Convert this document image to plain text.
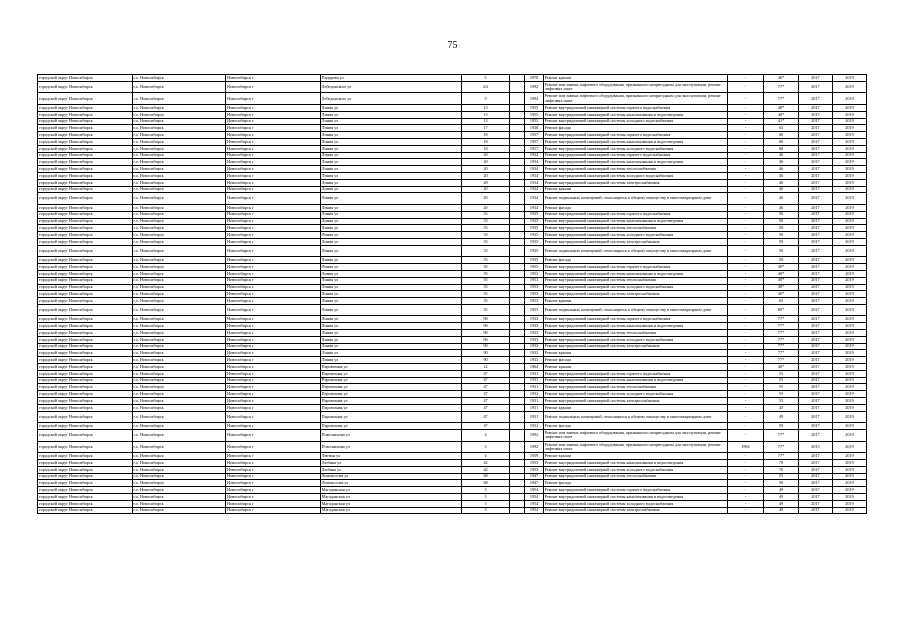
75
городской округ Новосибирск	г.о. Новосибирск	Новосибирск г	Пядарова ул	5		1970	Ремонт крыши	-	46*	2017	2019
городской округ Новосибирск	г.о. Новосибирск	Новосибирск г	Лебединского ул	2/2		1992	Ремонт или замена лифтового оборудования, признанного непригодным для эксплуатации, ремонт лифтовых шахт	-	77*	2017	2019
городской округ Новосибирск	г.о. Новосибирск	Новосибирск г	Лебединского ул	5		1994	Ремонт или замена лифтового оборудования, признанного непригодным для эксплуатации, ремонт лифтовых шахт	-	77*	2017	2019
городской округ Новосибирск	г.о. Новосибирск	Новосибирск г	Линия ул	13		1955	Ремонт внутридомовой инженерной системы горячего водоснабжения	-	48*	2017	2019
городской округ Новосибирск	г.о. Новосибирск	Новосибирск г	Линия ул	13		1955	Ремонт внутридомовой инженерной системы канализования и водоотведения	-	48*	2017	2019
городской округ Новосибирск	г.о. Новосибирск	Новосибирск г	Линия ул	13		1955	Ремонт внутридомовой инженерной системы холодного водоснабжения	-	41*	2017	2019
городской округ Новосибирск	г.о. Новосибирск	Новосибирск г	Линия ул	17		1930	Ремонт фасада	-	63	2017	2019
городской округ Новосибирск	г.о. Новосибирск	Новосибирск г	Линия ул	18		1957	Ремонт внутридомовой инженерной системы горячего водоснабжения	-	60	2017	2019
городской округ Новосибирск	г.о. Новосибирск	Новосибирск г	Линия ул	18		1957	Ремонт внутридомовой инженерной системы канализования и водоотведения	-	60	2017	2019
городской округ Новосибирск	г.о. Новосибирск	Новосибирск г	Линия ул	18		1957	Ремонт внутридомовой инженерной системы холодного водоснабжения	-	60	2017	2019
городской округ Новосибирск	г.о. Новосибирск	Новосибирск г	Линия ул	20		1934	Ремонт внутридомовой инженерной системы горячего водоснабжения	-	46	2017	2019
городской округ Новосибирск	г.о. Новосибирск	Новосибирск г	Линия ул	20		1934	Ремонт внутридомовой инженерной системы канализования и водоотведения	-	46	2017	2019
городской округ Новосибирск	г.о. Новосибирск	Новосибирск г	Линия ул	20		1934	Ремонт внутридомовой инженерной системы теплоснабжения	-	46	2017	2019
городской округ Новосибирск	г.о. Новосибирск	Новосибирск г	Линия ул	20		1934	Ремонт внутридомовой инженерной системы холодного водоснабжения	-	46	2017	2019
городской округ Новосибирск	г.о. Новосибирск	Новосибирск г	Линия ул	20		1934	Ремонт внутридомовой инженерной системы электроснабжения	-	46	2017	2019
городской округ Новосибирск	г.о. Новосибирск	Новосибирск г	Линия ул	20		1934	Ремонт крыши	-	46	2017	2019
городской округ Новосибирск	г.о. Новосибирск	Новосибирск г	Линия ул	20		1934	Ремонт подвальных помещений, относящихся к общему имуществу в многоквартирном доме	-	46	2017	2019
городской округ Новосибирск	г.о. Новосибирск	Новосибирск г	Линия ул	20		1934	Ремонт фасада	-	46	2017	2019
городской округ Новосибирск	г.о. Новосибирск	Новосибирск г	Линия ул	33		1935	Ремонт внутридомовой инженерной системы горячего водоснабжения	-	50	2017	2019
городской округ Новосибирск	г.о. Новосибирск	Новосибирск г	Линия ул	33		1935	Ремонт внутридомовой инженерной системы канализования и водоотведения	-	50	2017	2019
городской округ Новосибирск	г.о. Новосибирск	Новосибирск г	Линия ул	33		1935	Ремонт внутридомовой инженерной системы теплоснабжения	-	50	2017	2019
городской округ Новосибирск	г.о. Новосибирск	Новосибирск г	Линия ул	33		1935	Ремонт внутридомовой инженерной системы холодного водоснабжения	-	50	2017	2019
городской округ Новосибирск	г.о. Новосибирск	Новосибирск г	Линия ул	33		1935	Ремонт внутридомовой инженерной системы электроснабжения	-	50	2017	2019
городской округ Новосибирск	г.о. Новосибирск	Новосибирск г	Линия ул	33		1935	Ремонт подвальных помещений, относящихся к общему имуществу в многоквартирном доме	-	50	2017	2019
городской округ Новосибирск	г.о. Новосибирск	Новосибирск г	Линия ул	33		1935	Ремонт фасада	-	50	2017	2019
городской округ Новосибирск	г.о. Новосибирск	Новосибирск г	Линия ул	35		1953	Ремонт внутридомовой инженерной системы горячего водоснабжения	-	40*	2017	2019
городской округ Новосибирск	г.о. Новосибирск	Новосибирск г	Линия ул	35		1953	Ремонт внутридомовой инженерной системы канализования и водоотведения	-	40*	2017	2019
городской округ Новосибирск	г.о. Новосибирск	Новосибирск г	Линия ул	35		1953	Ремонт внутридомовой инженерной системы теплоснабжения	-	40*	2017	2019
городской округ Новосибирск	г.о. Новосибирск	Новосибирск г	Линия ул	35		1953	Ремонт внутридомовой инженерной системы холодного водоснабжения	-	40*	2017	2019
городской округ Новосибирск	г.о. Новосибирск	Новосибирск г	Линия ул	35		1953	Ремонт внутридомовой инженерной системы электроснабжения	-	40*	2017	2019
городской округ Новосибирск	г.о. Новосибирск	Новосибирск г	Линия ул	35		1953	Ремонт крыши	-	65	2017	2019
городской округ Новосибирск	г.о. Новосибирск	Новосибирск г	Линия ул	35		1953	Ремонт подвальных помещений, относящихся к общему имуществу в многоквартирном доме	-	80*	2017	2019
городской округ Новосибирск	г.о. Новосибирск	Новосибирск г	Линия ул	90		1933	Ремонт внутридомовой инженерной системы горячего водоснабжения	-	77*	2017	2019
городской округ Новосибирск	г.о. Новосибирск	Новосибирск г	Линия ул	90		1933	Ремонт внутридомовой инженерной системы канализования и водоотведения	-	77*	2017	2019
городской округ Новосибирск	г.о. Новосибирск	Новосибирск г	Линия ул	90		1933	Ремонт внутридомовой инженерной системы теплоснабжения	-	77*	2017	2019
городской округ Новосибирск	г.о. Новосибирск	Новосибирск г	Линия ул	90		1933	Ремонт внутридомовой инженерной системы холодного водоснабжения	-	77*	2017	2019
городской округ Новосибирск	г.о. Новосибирск	Новосибирск г	Линия ул	90		1933	Ремонт внутридомовой инженерной системы электроснабжения	-	77*	2017	2019
городской округ Новосибирск	г.о. Новосибирск	Новосибирск г	Линия ул	90		1933	Ремонт крыши	-	77*	2017	2019
городской округ Новосибирск	г.о. Новосибирск	Новосибирск г	Линия ул	90		1933	Ремонт фасада	-	77*	2017	2019
городской округ Новосибирск	г.о. Новосибирск	Новосибирск г	Паровозная ул	12		1964	Ремонт крыши	-	40*	2017	2019
городской округ Новосибирск	г.о. Новосибирск	Новосибирск г	Паровозная ул	47		1931	Ремонт внутридомовой инженерной системы горячего водоснабжения	-	55	2017	2019
городской округ Новосибирск	г.о. Новосибирск	Новосибирск г	Паровозная ул	47		1931	Ремонт внутридомовой инженерной системы канализования и водоотведения	-	55	2017	2019
городской округ Новосибирск	г.о. Новосибирск	Новосибирск г	Паровозная ул	47		1931	Ремонт внутридомовой инженерной системы теплоснабжения	-	55	2017	2019
городской округ Новосибирск	г.о. Новосибирск	Новосибирск г	Паровозная ул	47		1931	Ремонт внутридомовой инженерной системы холодного водоснабжения	-	55	2017	2019
городской округ Новосибирск	г.о. Новосибирск	Новосибирск г	Паровозная ул	47		1931	Ремонт внутридомовой инженерной системы электроснабжения	-	55	2017	2019
городской округ Новосибирск	г.о. Новосибирск	Новосибирск г	Паровозная ул	47		1931	Ремонт крыши	-	45	2017	2019
городской округ Новосибирск	г.о. Новосибирск	Новосибирск г	Паровозная ул	47		1931	Ремонт подвальных помещений, относящихся к общему имуществу в многоквартирном доме	-	49	2017	2019
городской округ Новосибирск	г.о. Новосибирск	Новосибирск г	Паровозная ул	47		1931	Ремонт фасада	-	50	2017	2019
городской округ Новосибирск	г.о. Новосибирск	Новосибирск г	Плюснихина ул	2		1992	Ремонт или замена лифтового оборудования, признанного непригодным для эксплуатации, ремонт лифтовых шахт	-	77*	2017	2019
городской округ Новосибирск	г.о. Новосибирск	Новосибирск г	Плюснихина ул	3		1992	Ремонт или замена лифтового оборудования, признанного непригодным для эксплуатации, ремонт лифтовых шахт	1992	77*	2015	2019
городской округ Новосибирск	г.о. Новосибирск	Новосибирск г	Литвин ул	4		1959	Ремонт крыши	-	77*	2017	2019
городской округ Новосибирск	г.о. Новосибирск	Новосибирск г	Любина ул	42		1953	Ремонт внутридомовой инженерной системы канализования и водоотведения	-	70	2017	2019
городской округ Новосибирск	г.о. Новосибирск	Новосибирск г	Любина ул	42		1953	Ремонт внутридомовой инженерной системы холодного водоснабжения	-	70	2017	2019
городской округ Новосибирск	г.о. Новосибирск	Новосибирск г	Ломоносова ул	68		1947	Ремонт внутридомовой инженерной системы теплоснабжения	-	55	2017	2019
городской округ Новосибирск	г.о. Новосибирск	Новосибирск г	Ломоносова ул	68		1947	Ремонт фасада	-	50	2017	2019
городской округ Новосибирск	г.о. Новосибирск	Новосибирск г	Магаданская ул	3		1954	Ремонт внутридомовой инженерной системы горячего водоснабжения	-	49	2017	2019
городской округ Новосибирск	г.о. Новосибирск	Новосибирск г	Магаданская ул	3		1954	Ремонт внутридомовой инженерной системы канализования и водоотведения	-	49	2017	2019
городской округ Новосибирск	г.о. Новосибирск	Новосибирск г	Магаданская ул	3		1954	Ремонт внутридомовой инженерной системы холодного водоснабжения	-	49	2017	2019
городской округ Новосибирск	г.о. Новосибирск	Новосибирск г	Магаданская ул	3		1954	Ремонт внутридомовой инженерной системы электроснабжения	-	49	2017	2019
